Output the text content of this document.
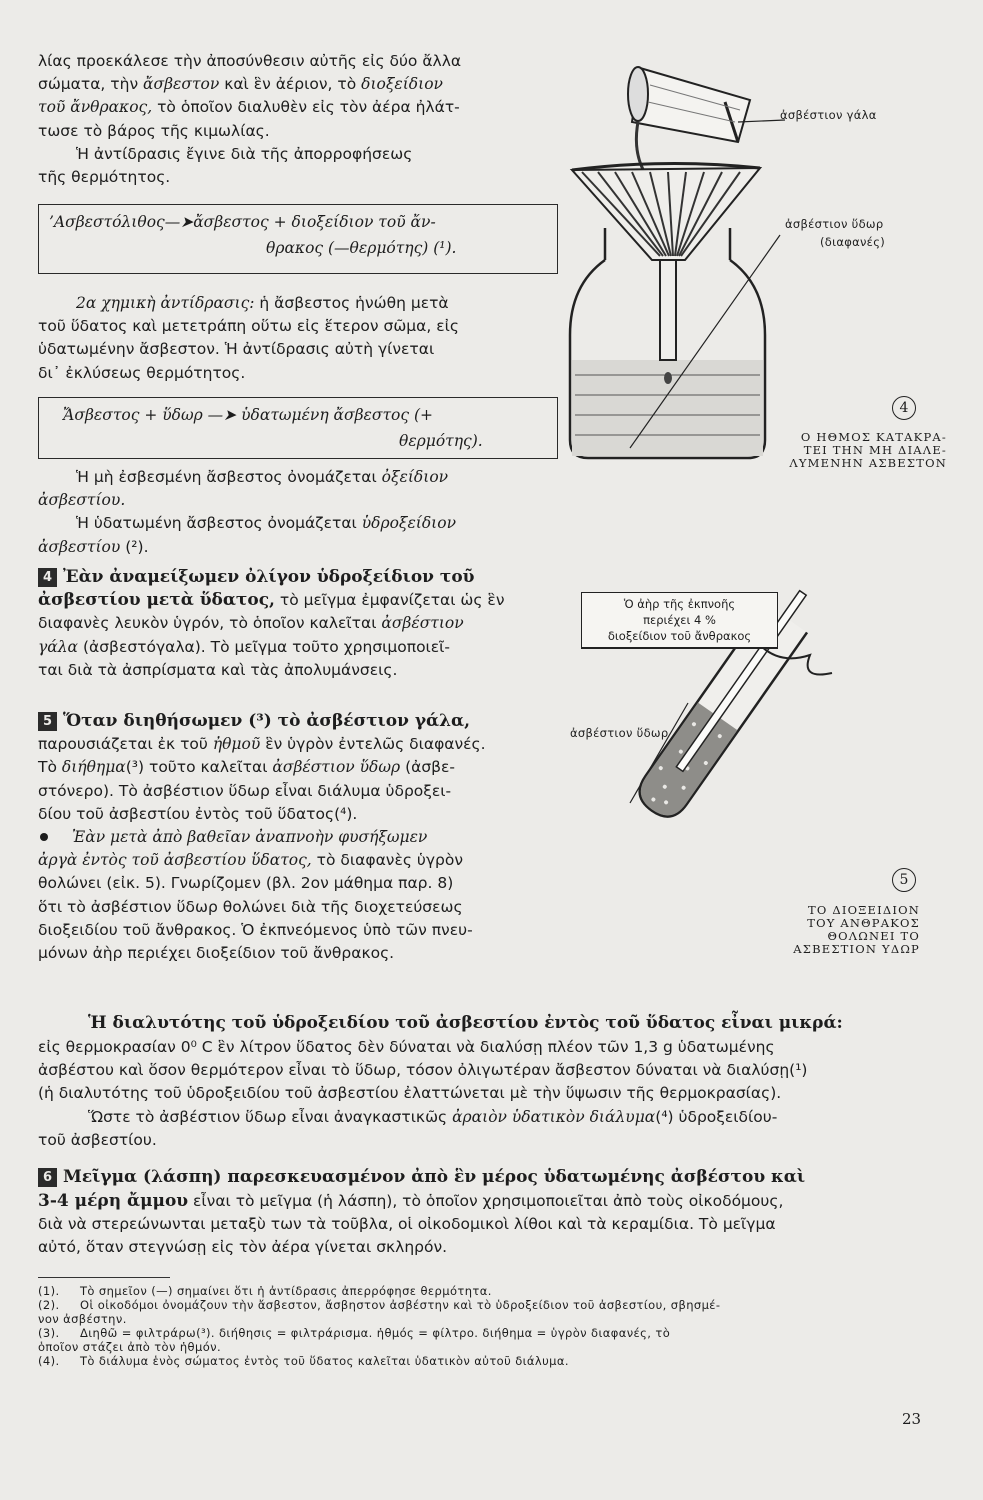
λίας προεκάλεσε τὴν ἀποσύνθεσιν αὐτῆς εἰς δύο ἄλλα
σώματα, τὴν ἄσβεστον καὶ ἓν ἀέριον, τὸ διοξείδιον
τοῦ ἄνθρακος, τὸ ὁποῖον διαλυθὲν εἰς τὸν ἀέρα ἠλάτ-
τωσε τὸ βάρος τῆς κιμωλίας.
Ἡ ἀντίδρασις ἔγινε διὰ τῆς ἀπορροφήσεως
τῆς θερμότητος.
’Ασβεστόλιθος—➤ἄσβεστος + διοξείδιον τοῦ ἄν-
θρακος (—θερμότης) (¹).
2α χημικὴ ἀντίδρασις: ἡ ἄσβεστος ἡνώθη μετὰ
τοῦ ὕδατος καὶ μετετράπη οὕτω εἰς ἕτερον σῶμα, εἰς
ὑδατωμένην ἄσβεστον. Ἡ ἀντίδρασις αὐτὴ γίνεται
δι᾽ ἐκλύσεως θερμότητος.
Ἄσβεστος + ὕδωρ —➤ ὑδατωμένη ἄσβεστος (+
θερμότης).
Ἡ μὴ ἐσβεσμένη ἄσβεστος ὀνομάζεται ὀξείδιον
ἀσβεστίου.
Ἡ ὑδατωμένη ἄσβεστος ὀνομάζεται ὑδροξείδιον
ἀσβεστίου (²).
4 Ἐὰν ἀναμείξωμεν ὀλίγον ὑδροξείδιον τοῦ
ἀσβεστίου μετὰ ὕδατος, τὸ μεῖγμα ἐμφανίζεται ὡς ἓν
διαφανὲς λευκὸν ὑγρόν, τὸ ὁποῖον καλεῖται ἀσβέστιον
γάλα (ἀσβεστόγαλα). Τὸ μεῖγμα τοῦτο χρησιμοποιεῖ-
ται διὰ τὰ ἀσπρίσματα καὶ τὰς ἀπολυμάνσεις.
5 Ὅταν διηθήσωμεν (³) τὸ ἀσβέστιον γάλα,
παρουσιάζεται ἐκ τοῦ ἠθμοῦ ἓν ὑγρὸν ἐντελῶς διαφανές.
Τὸ διήθημα(³) τοῦτο καλεῖται ἀσβέστιον ὕδωρ (ἀσβε-
στόνερο). Τὸ ἀσβέστιον ὕδωρ εἶναι διάλυμα ὑδροξει-
δίου τοῦ ἀσβεστίου ἐντὸς τοῦ ὕδατος(⁴).
Ἐὰν μετὰ ἀπὸ βαθεῖαν ἀναπνοὴν φυσήξωμεν
ἀργὰ ἐντὸς τοῦ ἀσβεστίου ὕδατος, τὸ διαφανὲς ὑγρὸν
θολώνει (εἰκ. 5). Γνωρίζομεν (βλ. 2ον μάθημα παρ. 8)
ὅτι τὸ ἀσβέστιον ὕδωρ θολώνει διὰ τῆς διοχετεύσεως
διοξειδίου τοῦ ἄνθρακος. Ὁ ἐκπνεόμενος ὑπὸ τῶν πνευ-
μόνων ἀὴρ περιέχει διοξείδιον τοῦ ἄνθρακος.
ἀσβέστιον γάλα
ἀσβέστιον ὕδωρ
(διαφανές)
4
Ο ΗΘΜΟΣ ΚΑΤΑΚΡΑ-
ΤΕΙ ΤΗΝ ΜΗ ΔΙΑΛΕ-
ΛΥΜΕΝΗΝ ΑΣΒΕΣΤΟΝ
Ὁ ἀὴρ τῆς ἐκπνοῆς
περιέχει 4 %
διοξείδιον τοῦ ἄνθρακος
ἀσβέστιον ὕδωρ
5
ΤΟ ΔΙΟΞΕΙΔΙΟΝ
ΤΟΥ ΑΝΘΡΑΚΟΣ
ΘΟΛΩΝΕΙ ΤΟ
ΑΣΒΕΣΤΙΟΝ ΥΔΩΡ
Ἡ διαλυτότης τοῦ ὑδροξειδίου τοῦ ἀσβεστίου ἐντὸς τοῦ ὕδατος εἶναι μικρά:
εἰς θερμοκρασίαν 0⁰ C ἓν λίτρον ὕδατος δὲν δύναται νὰ διαλύσῃ πλέον τῶν 1,3 g ὑδατωμένης
ἀσβέστου καὶ ὅσον θερμότερον εἶναι τὸ ὕδωρ, τόσον ὀλιγωτέραν ἄσβεστον δύναται νὰ διαλύσῃ(¹)
(ἡ διαλυτότης τοῦ ὑδροξειδίου τοῦ ἀσβεστίου ἐλαττώνεται μὲ τὴν ὕψωσιν τῆς θερμοκρασίας).
Ὥστε τὸ ἀσβέστιον ὕδωρ εἶναι ἀναγκαστικῶς ἀραιὸν ὑδατικὸν διάλυμα(⁴) ὑδροξειδίου-
τοῦ ἀσβεστίου.
6 Μεῖγμα (λάσπη) παρεσκευασμένον ἀπὸ ἓν μέρος ὑδατωμένης ἀσβέστου καὶ
3-4 μέρη ἄμμου εἶναι τὸ μεῖγμα (ἡ λάσπη), τὸ ὁποῖον χρησιμοποιεῖται ἀπὸ τοὺς οἰκοδόμους,
διὰ νὰ στερεώνωνται μεταξὺ των τὰ τοῦβλα, οἱ οἰκοδομικοὶ λίθοι καὶ τὰ κεραμίδια. Τὸ μεῖγμα
αὐτό, ὅταν στεγνώσῃ εἰς τὸν ἀέρα γίνεται σκληρόν.
(1). Τὸ σημεῖον (—) σημαίνει ὅτι ἡ ἀντίδρασις ἀπερρόφησε θερμότητα.
(2). Οἱ οἰκοδόμοι ὀνομάζουν τὴν ἄσβεστον, ἄσβηστον ἀσβέστην καὶ τὸ ὑδροξείδιον τοῦ ἀσβεστίου, σβησμέ-
νον ἀσβέστην.
(3). Διηθῶ = φιλτράρω(³). διήθησις = φιλτράρισμα. ἠθμός = φίλτρο. διήθημα = ὑγρὸν διαφανές, τὸ
ὁποῖον στάζει ἀπὸ τὸν ἠθμόν.
(4). Τὸ διάλυμα ἑνὸς σώματος ἐντὸς τοῦ ὕδατος καλεῖται ὑδατικὸν αὐτοῦ διάλυμα.
23
